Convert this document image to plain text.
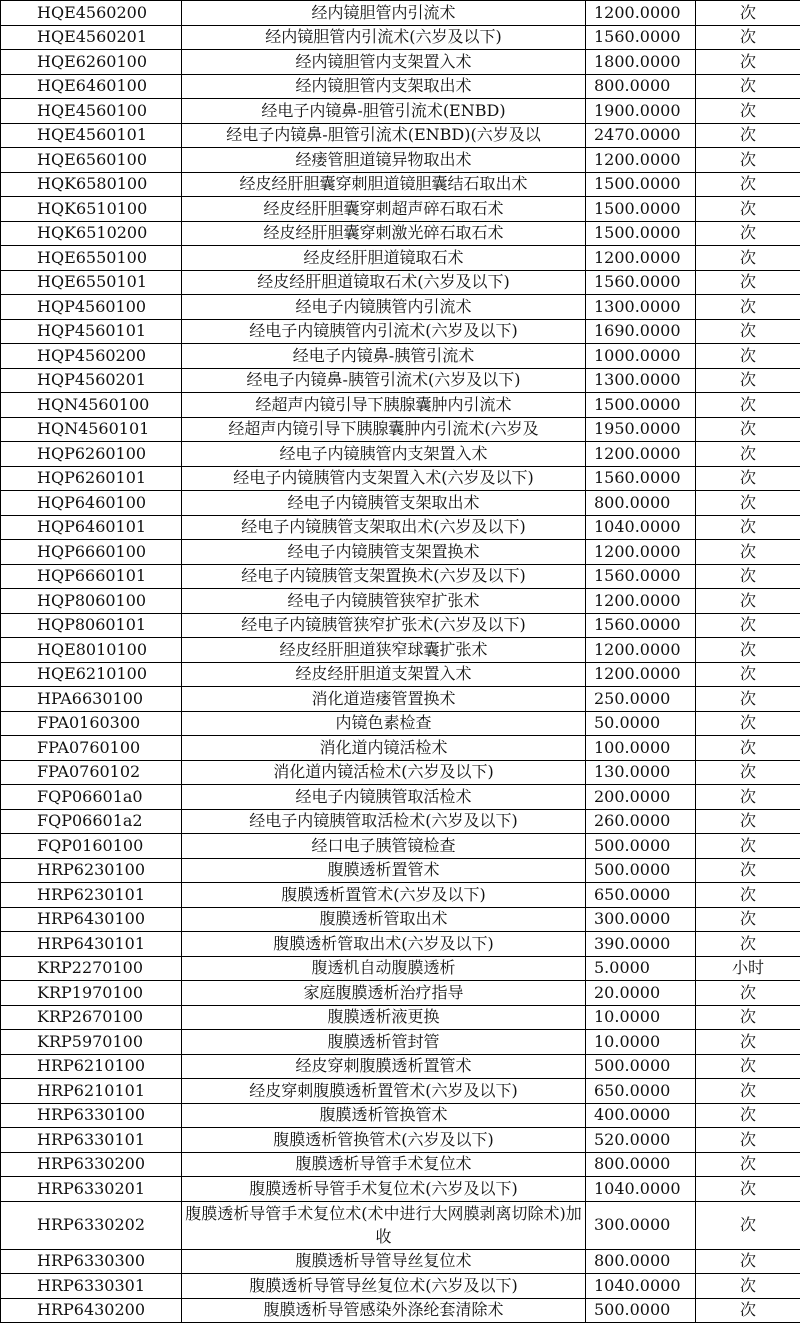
HQE4560200	经内镜胆管内引流术	1200.0000	次
HQE4560201	经内镜胆管内引流术(六岁及以下)	1560.0000	次
HQE6260100	经内镜胆管内支架置入术	1800.0000	次
HQE6460100	经内镜胆管内支架取出术	800.0000	次
HQE4560100	经电子内镜鼻-胆管引流术(ENBD)	1900.0000	次
HQE4560101	经电子内镜鼻-胆管引流术(ENBD)(六岁及以	2470.0000	次
HQE6560100	经瘘管胆道镜异物取出术	1200.0000	次
HQK6580100	经皮经肝胆囊穿刺胆道镜胆囊结石取出术	1500.0000	次
HQK6510100	经皮经肝胆囊穿刺超声碎石取石术	1500.0000	次
HQK6510200	经皮经肝胆囊穿刺激光碎石取石术	1500.0000	次
HQE6550100	经皮经肝胆道镜取石术	1200.0000	次
HQE6550101	经皮经肝胆道镜取石术(六岁及以下)	1560.0000	次
HQP4560100	经电子内镜胰管内引流术	1300.0000	次
HQP4560101	经电子内镜胰管内引流术(六岁及以下)	1690.0000	次
HQP4560200	经电子内镜鼻-胰管引流术	1000.0000	次
HQP4560201	经电子内镜鼻-胰管引流术(六岁及以下)	1300.0000	次
HQN4560100	经超声内镜引导下胰腺囊肿内引流术	1500.0000	次
HQN4560101	经超声内镜引导下胰腺囊肿内引流术(六岁及	1950.0000	次
HQP6260100	经电子内镜胰管内支架置入术	1200.0000	次
HQP6260101	经电子内镜胰管内支架置入术(六岁及以下)	1560.0000	次
HQP6460100	经电子内镜胰管支架取出术	800.0000	次
HQP6460101	经电子内镜胰管支架取出术(六岁及以下)	1040.0000	次
HQP6660100	经电子内镜胰管支架置换术	1200.0000	次
HQP6660101	经电子内镜胰管支架置换术(六岁及以下)	1560.0000	次
HQP8060100	经电子内镜胰管狭窄扩张术	1200.0000	次
HQP8060101	经电子内镜胰管狭窄扩张术(六岁及以下)	1560.0000	次
HQE8010100	经皮经肝胆道狭窄球囊扩张术	1200.0000	次
HQE6210100	经皮经肝胆道支架置入术	1200.0000	次
HPA6630100	消化道造瘘管置换术	250.0000	次
FPA0160300	内镜色素检查	50.0000	次
FPA0760100	消化道内镜活检术	100.0000	次
FPA0760102	消化道内镜活检术(六岁及以下)	130.0000	次
FQP06601a0	经电子内镜胰管取活检术	200.0000	次
FQP06601a2	经电子内镜胰管取活检术(六岁及以下)	260.0000	次
FQP0160100	经口电子胰管镜检查	500.0000	次
HRP6230100	腹膜透析置管术	500.0000	次
HRP6230101	腹膜透析置管术(六岁及以下)	650.0000	次
HRP6430100	腹膜透析管取出术	300.0000	次
HRP6430101	腹膜透析管取出术(六岁及以下)	390.0000	次
KRP2270100	腹透机自动腹膜透析	5.0000	小时
KRP1970100	家庭腹膜透析治疗指导	20.0000	次
KRP2670100	腹膜透析液更换	10.0000	次
KRP5970100	腹膜透析管封管	10.0000	次
HRP6210100	经皮穿刺腹膜透析置管术	500.0000	次
HRP6210101	经皮穿刺腹膜透析置管术(六岁及以下)	650.0000	次
HRP6330100	腹膜透析管换管术	400.0000	次
HRP6330101	腹膜透析管换管术(六岁及以下)	520.0000	次
HRP6330200	腹膜透析导管手术复位术	800.0000	次
HRP6330201	腹膜透析导管手术复位术(六岁及以下)	1040.0000	次
HRP6330202	腹膜透析导管手术复位术(术中进行大网膜剥离切除术)加收	300.0000	次
HRP6330300	腹膜透析导管导丝复位术	800.0000	次
HRP6330301	腹膜透析导管导丝复位术(六岁及以下)	1040.0000	次
HRP6430200	腹膜透析导管感染外涤纶套清除术	500.0000	次
